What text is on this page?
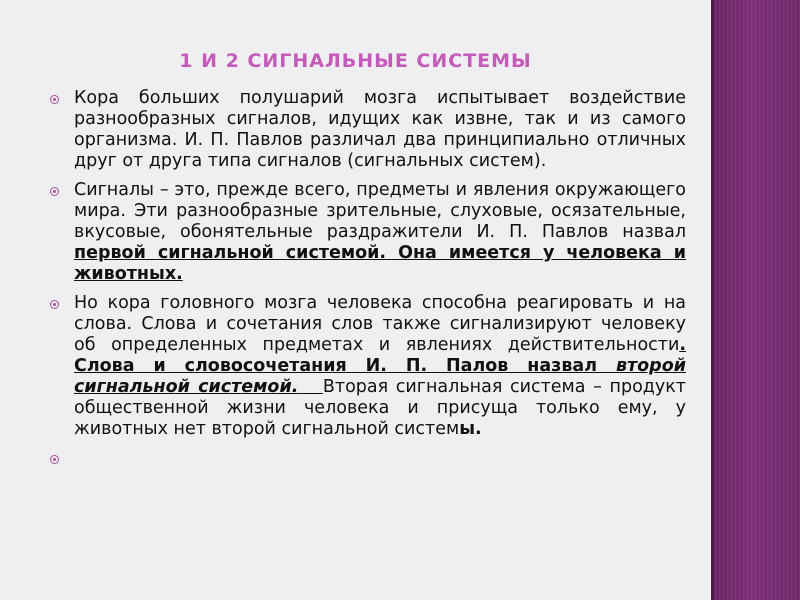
1 И 2 СИГНАЛЬНЫЕ СИСТЕМЫ
Кора больших полушарий мозга испытывает воздействие разнообразных сигналов, идущих как извне, так и из самого организма. И. П. Павлов различал два принципиально отличных друг от друга типа сигналов (сигнальных систем).
Сигналы – это, прежде всего, предметы и явления окружающего мира. Эти разнообразные зрительные, слуховые, осязательные, вкусовые, обонятельные раздражители И. П. Павлов назвал первой сигнальной системой. Она имеется у человека и животных.
Но кора головного мозга человека способна реагировать и на слова. Слова и сочетания слов также сигнализируют человеку об определенных предметах и явлениях действительности. Слова и словосочетания И. П. Палов назвал второй сигнальной системой. Вторая сигнальная система – продукт общественной жизни человека и присуща только ему, у животных нет второй сигнальной системы.
